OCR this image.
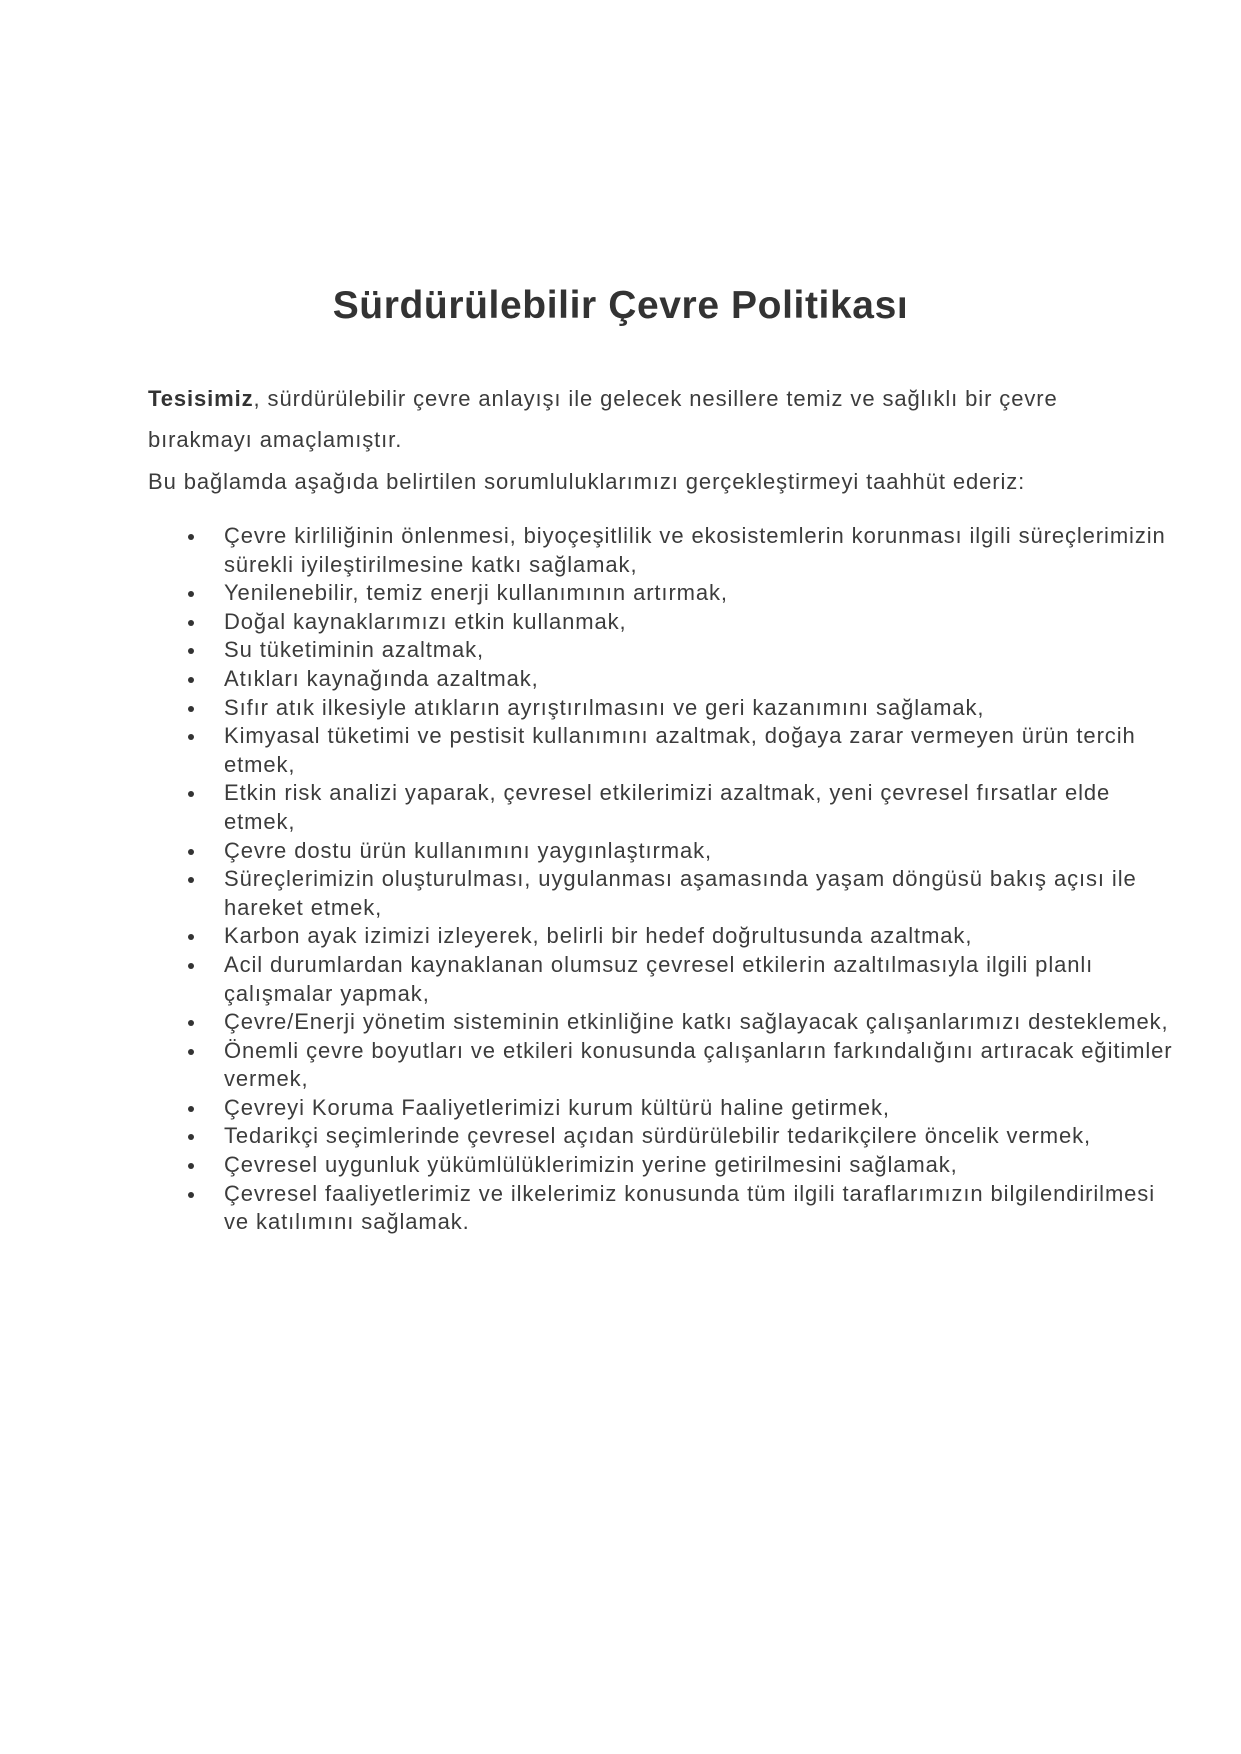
Sürdürülebilir Çevre Politikası

Tesisimiz, sürdürülebilir çevre anlayışı ile gelecek nesillere temiz ve sağlıklı bir çevre bırakmayı amaçlamıştır.

Bu bağlamda aşağıda belirtilen sorumluluklarımızı gerçekleştirmeyi taahhüt ederiz:

Çevre kirliliğinin önlenmesi, biyoçeşitlilik ve ekosistemlerin korunması ilgili süreçlerimizin sürekli iyileştirilmesine katkı sağlamak,
Yenilenebilir, temiz enerji kullanımının artırmak,
Doğal kaynaklarımızı etkin kullanmak,
Su tüketiminin azaltmak,
Atıkları kaynağında azaltmak,
Sıfır atık ilkesiyle atıkların ayrıştırılmasını ve geri kazanımını sağlamak,
Kimyasal tüketimi ve pestisit kullanımını azaltmak, doğaya zarar vermeyen ürün tercih etmek,
Etkin risk analizi yaparak, çevresel etkilerimizi azaltmak, yeni çevresel fırsatlar elde etmek,
Çevre dostu ürün kullanımını yaygınlaştırmak,
Süreçlerimizin oluşturulması, uygulanması aşamasında yaşam döngüsü bakış açısı ile hareket etmek,
Karbon ayak izimizi izleyerek, belirli bir hedef doğrultusunda azaltmak,
Acil durumlardan kaynaklanan olumsuz çevresel etkilerin azaltılmasıyla ilgili planlı çalışmalar yapmak,
Çevre/Enerji yönetim sisteminin etkinliğine katkı sağlayacak çalışanlarımızı desteklemek,
Önemli çevre boyutları ve etkileri konusunda çalışanların farkındalığını artıracak eğitimler vermek,
Çevreyi Koruma Faaliyetlerimizi kurum kültürü haline getirmek,
Tedarikçi seçimlerinde çevresel açıdan sürdürülebilir tedarikçilere öncelik vermek,
Çevresel uygunluk yükümlülüklerimizin yerine getirilmesini sağlamak,
Çevresel faaliyetlerimiz ve ilkelerimiz konusunda tüm ilgili taraflarımızın bilgilendirilmesi ve katılımını sağlamak.
